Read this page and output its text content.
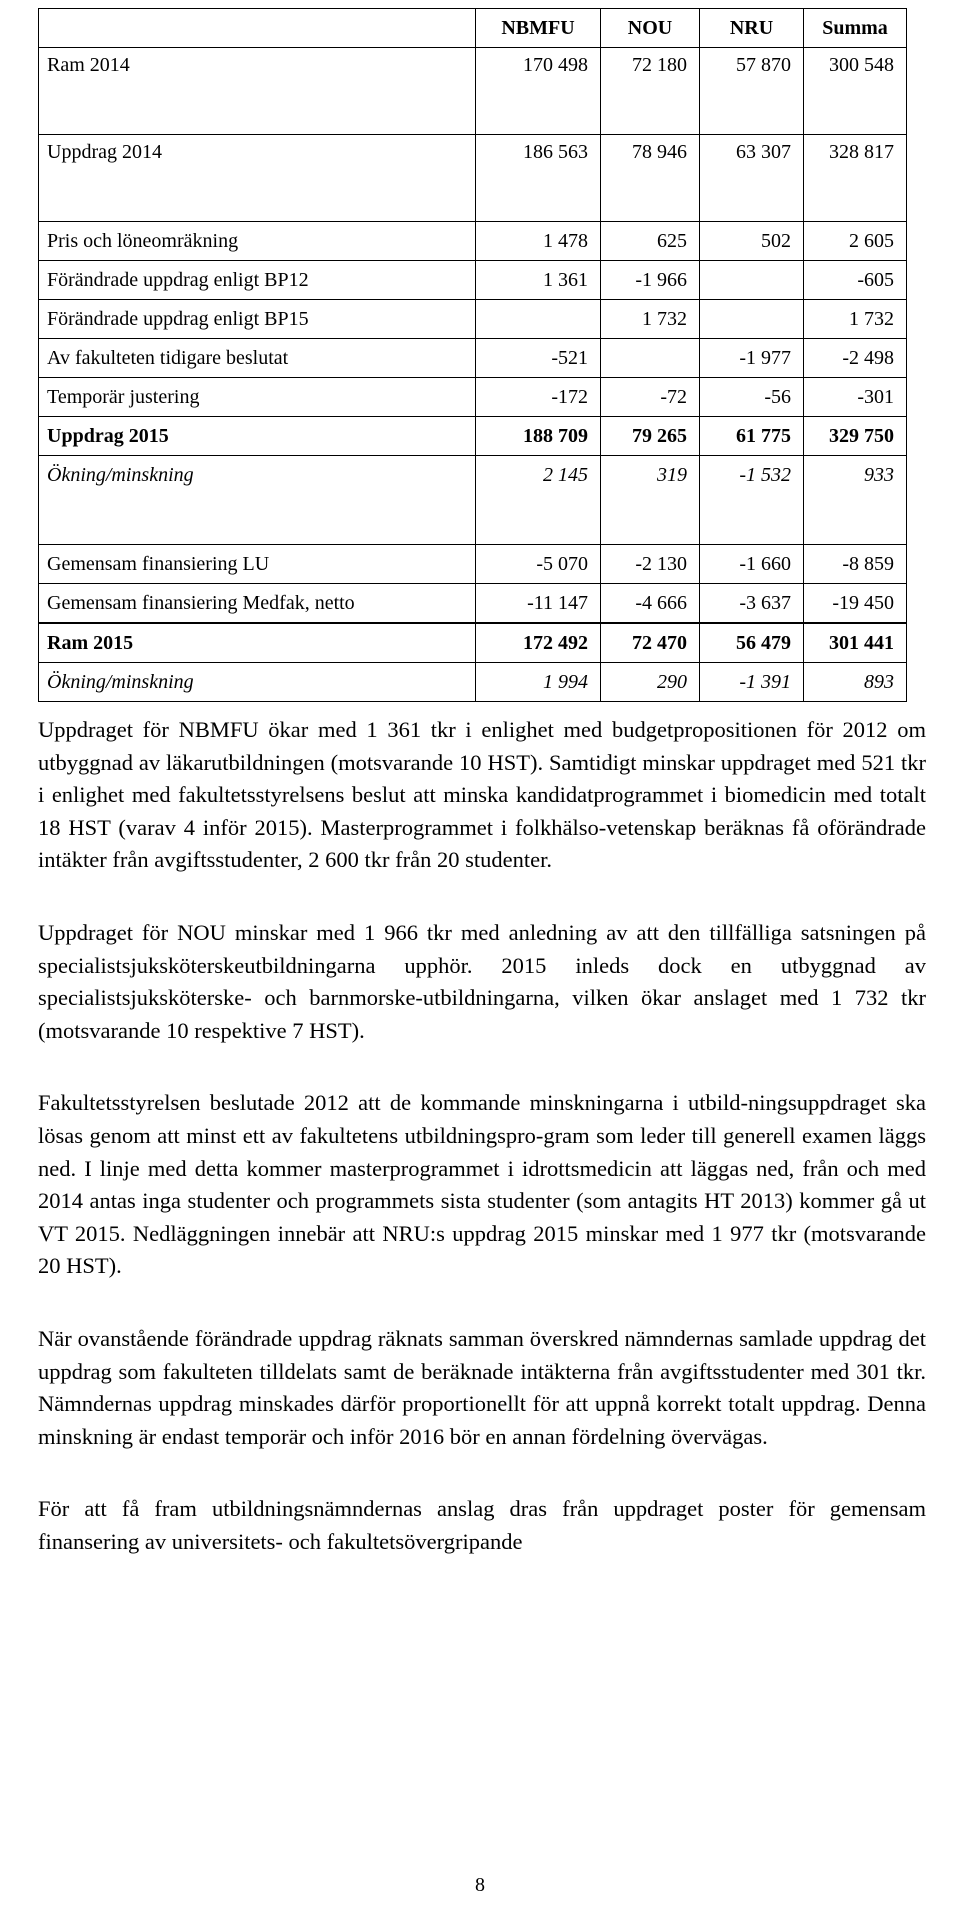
	NBMFU	NOU	NRU	Summa
Ram 2014	170 498	72 180	57 870	300 548
Uppdrag 2014	186 563	78 946	63 307	328 817
Pris och löneomräkning	1 478	625	502	2 605
Förändrade uppdrag enligt BP12	1 361	-1 966		-605
Förändrade uppdrag enligt BP15		1 732		1 732
Av fakulteten tidigare beslutat	-521		-1 977	-2 498
Temporär justering	-172	-72	-56	-301
Uppdrag 2015	188 709	79 265	61 775	329 750
Ökning/minskning	2 145	319	-1 532	933
Gemensam finansiering LU	-5 070	-2 130	-1 660	-8 859
Gemensam finansiering Medfak, netto	-11 147	-4 666	-3 637	-19 450
Ram 2015	172 492	72 470	56 479	301 441
Ökning/minskning	1 994	290	-1 391	893

Uppdraget för NBMFU ökar med 1 361 tkr i enlighet med budgetpropositionen för 2012 om utbyggnad av läkarutbildningen (motsvarande 10 HST). Samtidigt minskar uppdraget med 521 tkr i enlighet med fakultetsstyrelsens beslut att minska kandidatprogrammet i biomedicin med totalt 18 HST (varav 4 inför 2015). Masterprogrammet i folkhälso-vetenskap beräknas få oförändrade intäkter från avgiftsstudenter, 2 600 tkr från 20 studenter.

Uppdraget för NOU minskar med 1 966 tkr med anledning av att den tillfälliga satsningen på specialistsjuksköterskeutbildningarna upphör. 2015 inleds dock en utbyggnad av specialistsjuksköterske- och barnmorske-utbildningarna, vilken ökar anslaget med 1 732 tkr (motsvarande 10 respektive 7 HST).

Fakultetsstyrelsen beslutade 2012 att de kommande minskningarna i utbild-ningsuppdraget ska lösas genom att minst ett av fakultetens utbildningspro-gram som leder till generell examen läggs ned. I linje med detta kommer masterprogrammet i idrottsmedicin att läggas ned, från och med 2014 antas inga studenter och programmets sista studenter (som antagits HT 2013) kommer gå ut VT 2015. Nedläggningen innebär att NRU:s uppdrag 2015 minskar med 1 977 tkr (motsvarande 20 HST).

När ovanstående förändrade uppdrag räknats samman överskred nämndernas samlade uppdrag det uppdrag som fakulteten tilldelats samt de beräknade intäkterna från avgiftsstudenter med 301 tkr. Nämndernas uppdrag minskades därför proportionellt för att uppnå korrekt totalt uppdrag. Denna minskning är endast temporär och inför 2016 bör en annan fördelning övervägas.

För att få fram utbildningsnämndernas anslag dras från uppdraget poster för gemensam finansering av universitets- och fakultetsövergripande

8
